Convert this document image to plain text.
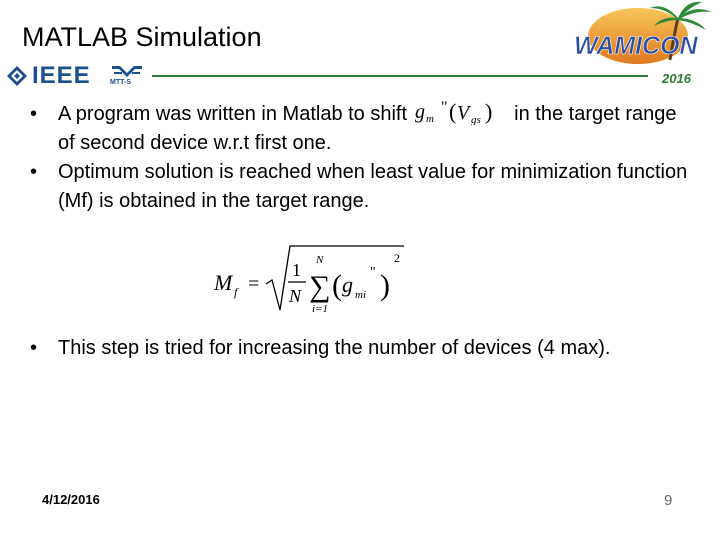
MATLAB Simulation
IEEE	MTT-S	2016
WAMICON
• A program was written in Matlab to shift g m
" ( V gs ) in the target range of second device w.r.t first one.
• Optimum solution is reached when least value for minimization function (Mf) is obtained in the target range.
M f =
1
N
N
∑
i=1
( g mi
" )
2
• This step is tried for increasing the number of devices (4 max).
4/12/2016	9
